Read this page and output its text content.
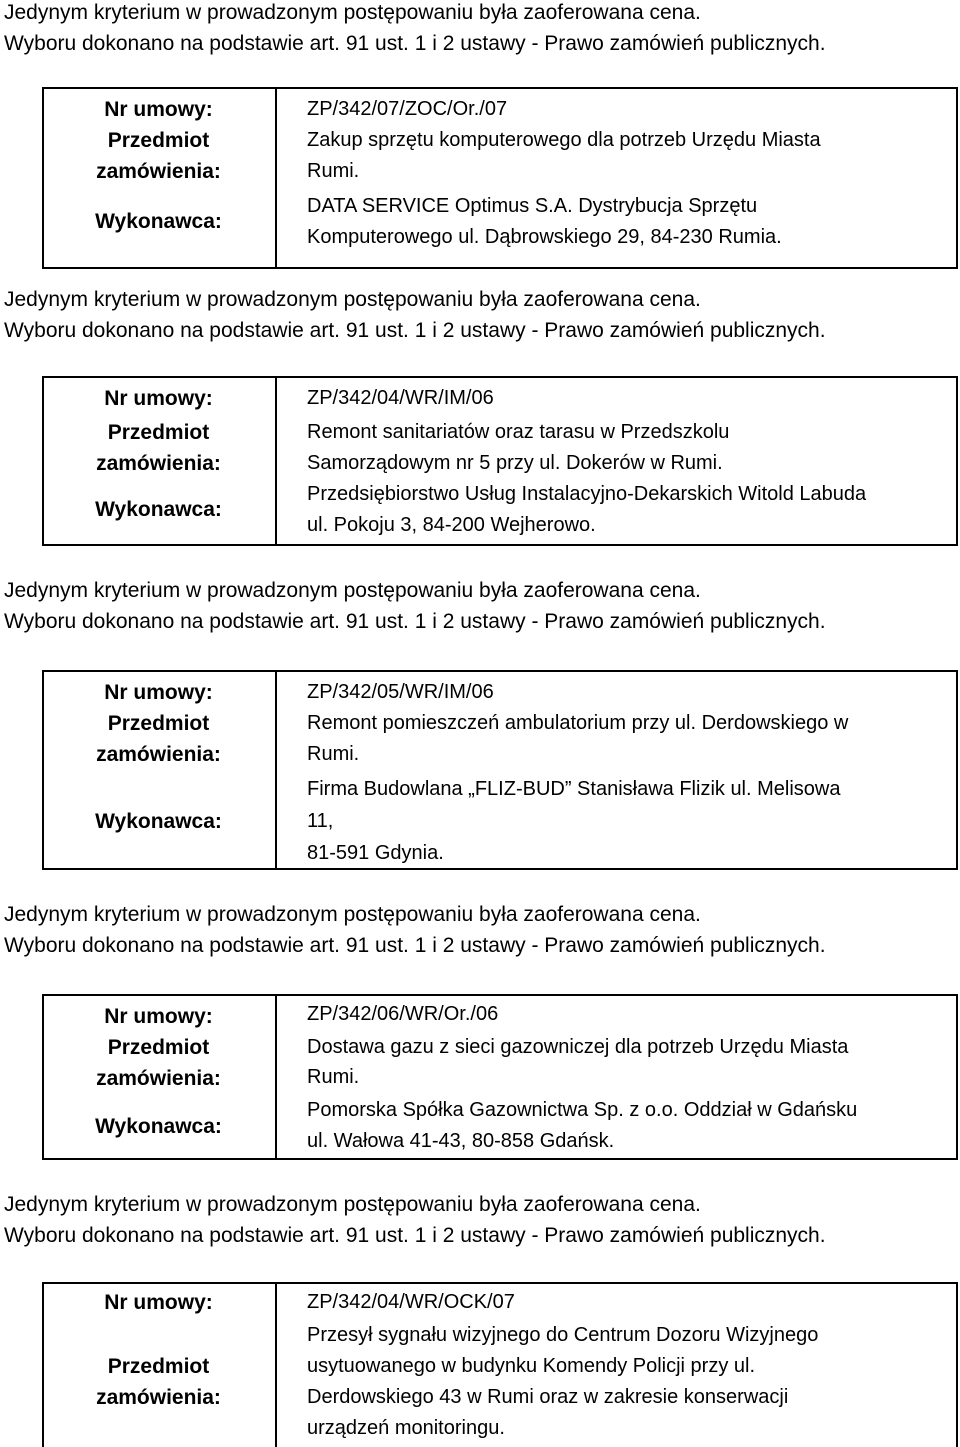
Jedynym kryterium w prowadzonym postępowaniu była zaoferowana cena.
Wyboru dokonano na podstawie art. 91 ust. 1 i 2 ustawy - Prawo zamówień publicznych.
Nr umowy:
Przedmiot
zamówienia:
Wykonawca:
ZP/342/07/ZOC/Or./07
Zakup sprzętu komputerowego dla potrzeb Urzędu Miasta
Rumi.
DATA SERVICE Optimus S.A. Dystrybucja Sprzętu
Komputerowego ul. Dąbrowskiego 29, 84-230 Rumia.
Jedynym kryterium w prowadzonym postępowaniu była zaoferowana cena.
Wyboru dokonano na podstawie art. 91 ust. 1 i 2 ustawy - Prawo zamówień publicznych.
Nr umowy:
Przedmiot
zamówienia:
Wykonawca:
ZP/342/04/WR/IM/06
Remont sanitariatów oraz tarasu w Przedszkolu
Samorządowym nr 5 przy ul. Dokerów w Rumi.
Przedsiębiorstwo Usług Instalacyjno-Dekarskich Witold Labuda
ul. Pokoju 3, 84-200 Wejherowo.
Jedynym kryterium w prowadzonym postępowaniu była zaoferowana cena.
Wyboru dokonano na podstawie art. 91 ust. 1 i 2 ustawy - Prawo zamówień publicznych.
Nr umowy:
Przedmiot
zamówienia:
Wykonawca:
ZP/342/05/WR/IM/06
Remont pomieszczeń ambulatorium przy ul. Derdowskiego w
Rumi.
Firma Budowlana „FLIZ-BUD” Stanisława Flizik ul. Melisowa
11,
81-591 Gdynia.
Jedynym kryterium w prowadzonym postępowaniu była zaoferowana cena.
Wyboru dokonano na podstawie art. 91 ust. 1 i 2 ustawy - Prawo zamówień publicznych.
Nr umowy:
Przedmiot
zamówienia:
Wykonawca:
ZP/342/06/WR/Or./06
Dostawa gazu z sieci gazowniczej dla potrzeb Urzędu Miasta
Rumi.
Pomorska Spółka Gazownictwa Sp. z o.o. Oddział w Gdańsku
ul. Wałowa 41-43, 80-858 Gdańsk.
Jedynym kryterium w prowadzonym postępowaniu była zaoferowana cena.
Wyboru dokonano na podstawie art. 91 ust. 1 i 2 ustawy - Prawo zamówień publicznych.
Nr umowy:
Przedmiot
zamówienia:
ZP/342/04/WR/OCK/07
Przesył sygnału wizyjnego do Centrum Dozoru Wizyjnego
usytuowanego w budynku Komendy Policji przy ul.
Derdowskiego 43 w Rumi oraz w zakresie konserwacji
urządzeń monitoringu.
